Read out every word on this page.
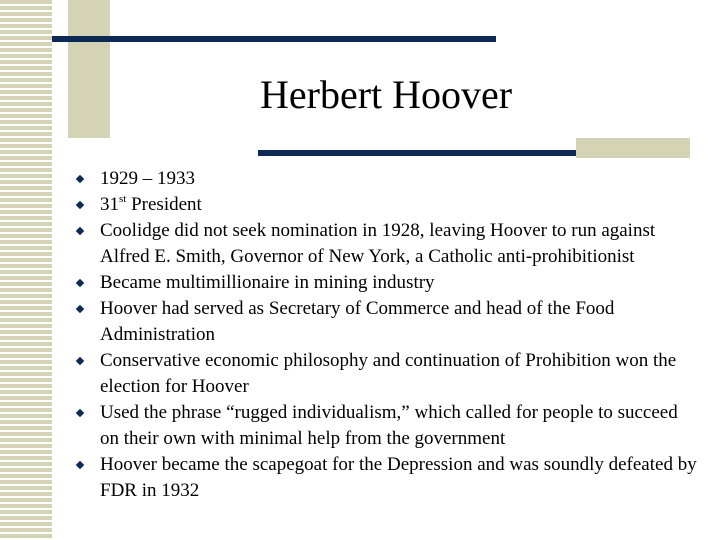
Herbert Hoover
1929 – 1933
31st President
Coolidge did not seek nomination in 1928, leaving Hoover to run against Alfred E. Smith, Governor of New York, a Catholic anti-prohibitionist
Became multimillionaire in mining industry
Hoover had served as Secretary of Commerce and head of the Food Administration
Conservative economic philosophy and continuation of Prohibition won the election for Hoover
Used the phrase “rugged individualism,” which called for people to succeed on their own with minimal help from the government
Hoover became the scapegoat for the Depression and was soundly defeated by FDR in 1932
